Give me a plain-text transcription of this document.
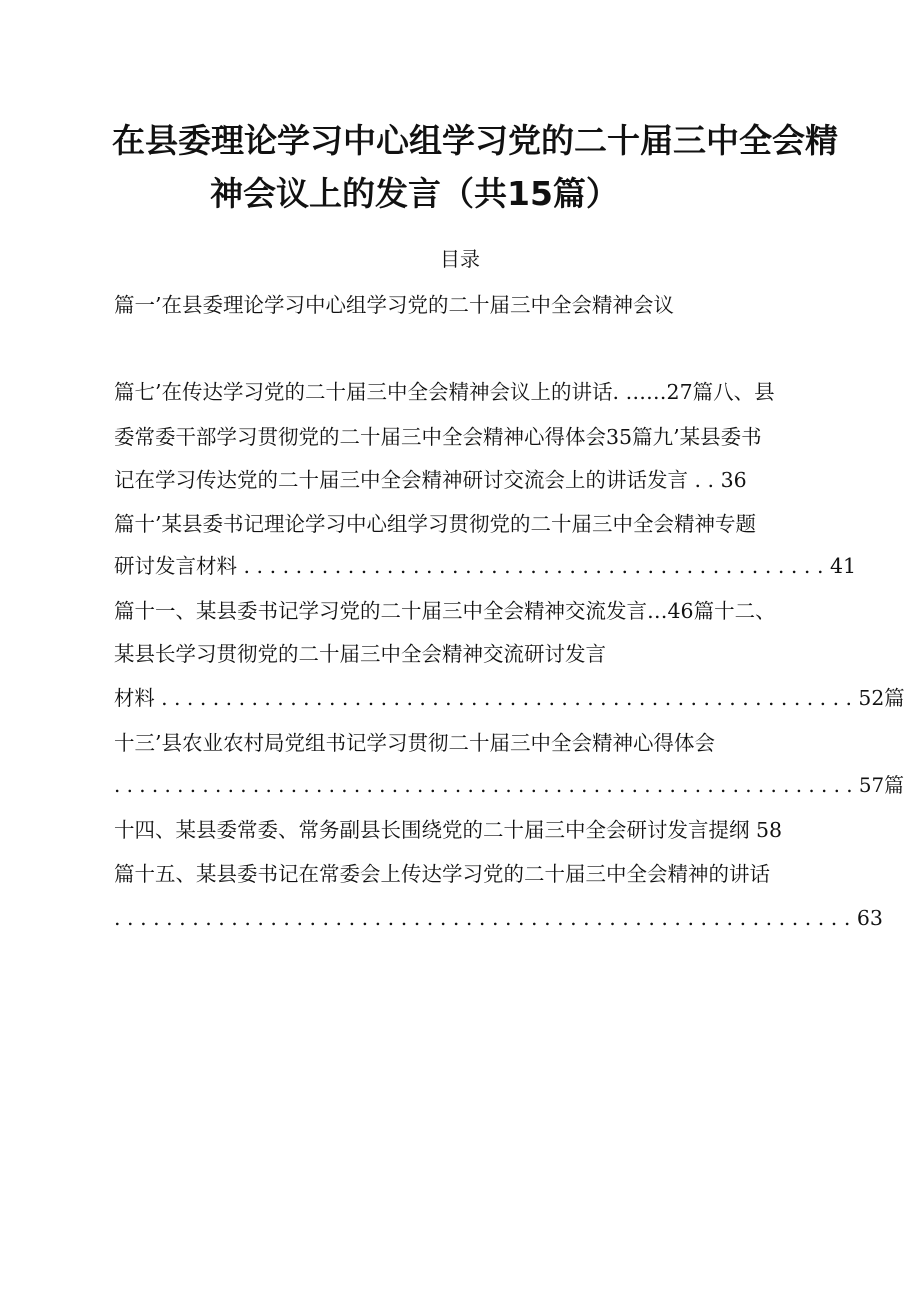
在县委理论学习中心组学习党的二十届三中全会精
神会议上的发言（共15篇）
目录
篇一’在县委理论学习中心组学习党的二十届三中全会精神会议
篇七’在传达学习党的二十届三中全会精神会议上的讲话. ……27篇八、县
委常委干部学习贯彻党的二十届三中全会精神心得体会35篇九’某县委书
记在学习传达党的二十届三中全会精神研讨交流会上的讲话发言 . . 36
篇十’某县委书记理论学习中心组学习贯彻党的二十届三中全会精神专题
研讨发言材料 . . . . . . . . . . . . . . . . . . . . . . . . . . . . . . . . . . . . . . . . . . . . . 41
篇十一、某县委书记学习党的二十届三中全会精神交流发言…46篇十二、
某县长学习贯彻党的二十届三中全会精神交流研讨发言
材料 . . . . . . . . . . . . . . . . . . . . . . . . . . . . . . . . . . . . . . . . . . . . . . . . . . . . . . 52篇
十三’县农业农村局党组书记学习贯彻二十届三中全会精神心得体会
. . . . . . . . . . . . . . . . . . . . . . . . . . . . . . . . . . . . . . . . . . . . . . . . . . . . . . . . . . . 57篇
十四、某县委常委、常务副县长围绕党的二十届三中全会研讨发言提纲 58
篇十五、某县委书记在常委会上传达学习党的二十届三中全会精神的讲话
. . . . . . . . . . . . . . . . . . . . . . . . . . . . . . . . . . . . . . . . . . . . . . . . . . . . . . . . . 63
